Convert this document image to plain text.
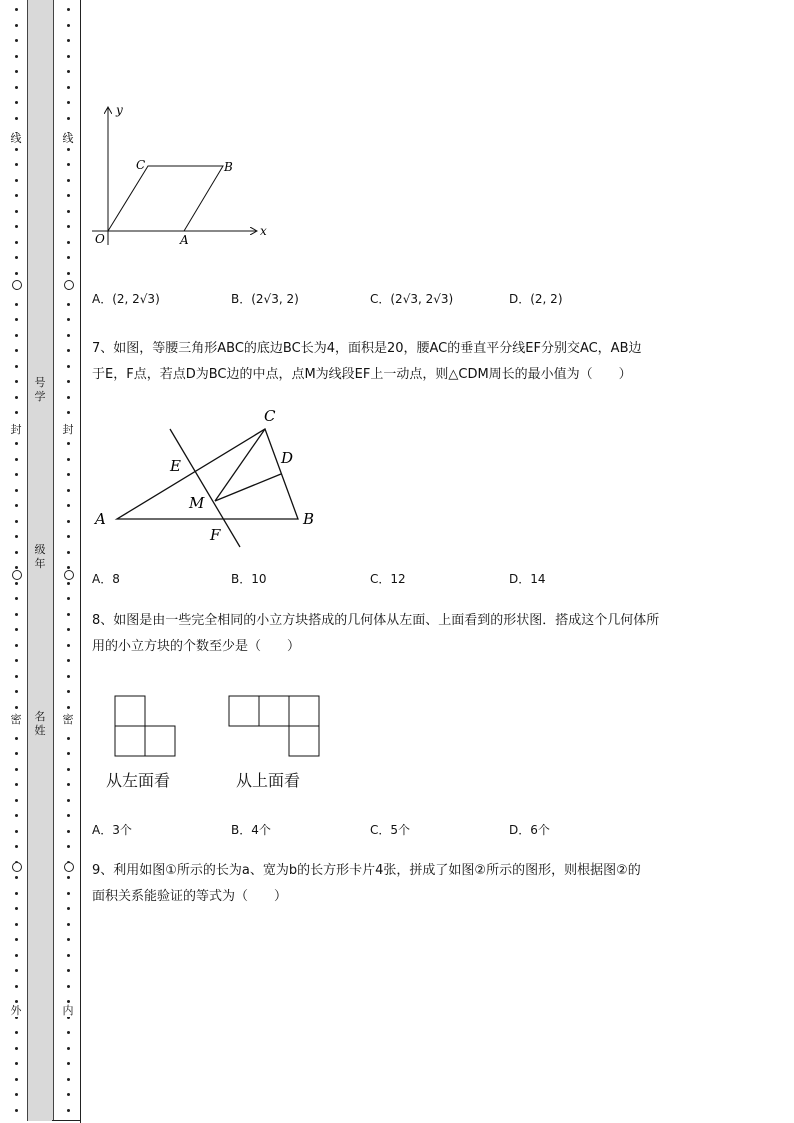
线
封
密
外
线
封
密
内
号学
级年
名姓
y
x
O	A
B
C
A．(2, 2√3)	B．(2√3, 2)	C．(2√3, 2√3)	D．(2, 2)
7、如图，等腰三角形ABC的底边BC长为4，面积是20，腰AC的垂直平分线EF分别交AC，AB边
于E，F点，若点D为BC边的中点，点M为线段EF上一动点，则△CDM周长的最小值为（　　）
A	B
C
D
E
F
M
A．8	B．10	C．12	D．14
8、如图是由一些完全相同的小立方块搭成的几何体从左面、上面看到的形状图．搭成这个几何体所
用的小立方块的个数至少是（　　）
从左面看	从上面看
A．3个	B．4个	C．5个	D．6个
9、利用如图①所示的长为a、宽为b的长方形卡片4张，拼成了如图②所示的图形，则根据图②的
面积关系能验证的等式为（　　）
